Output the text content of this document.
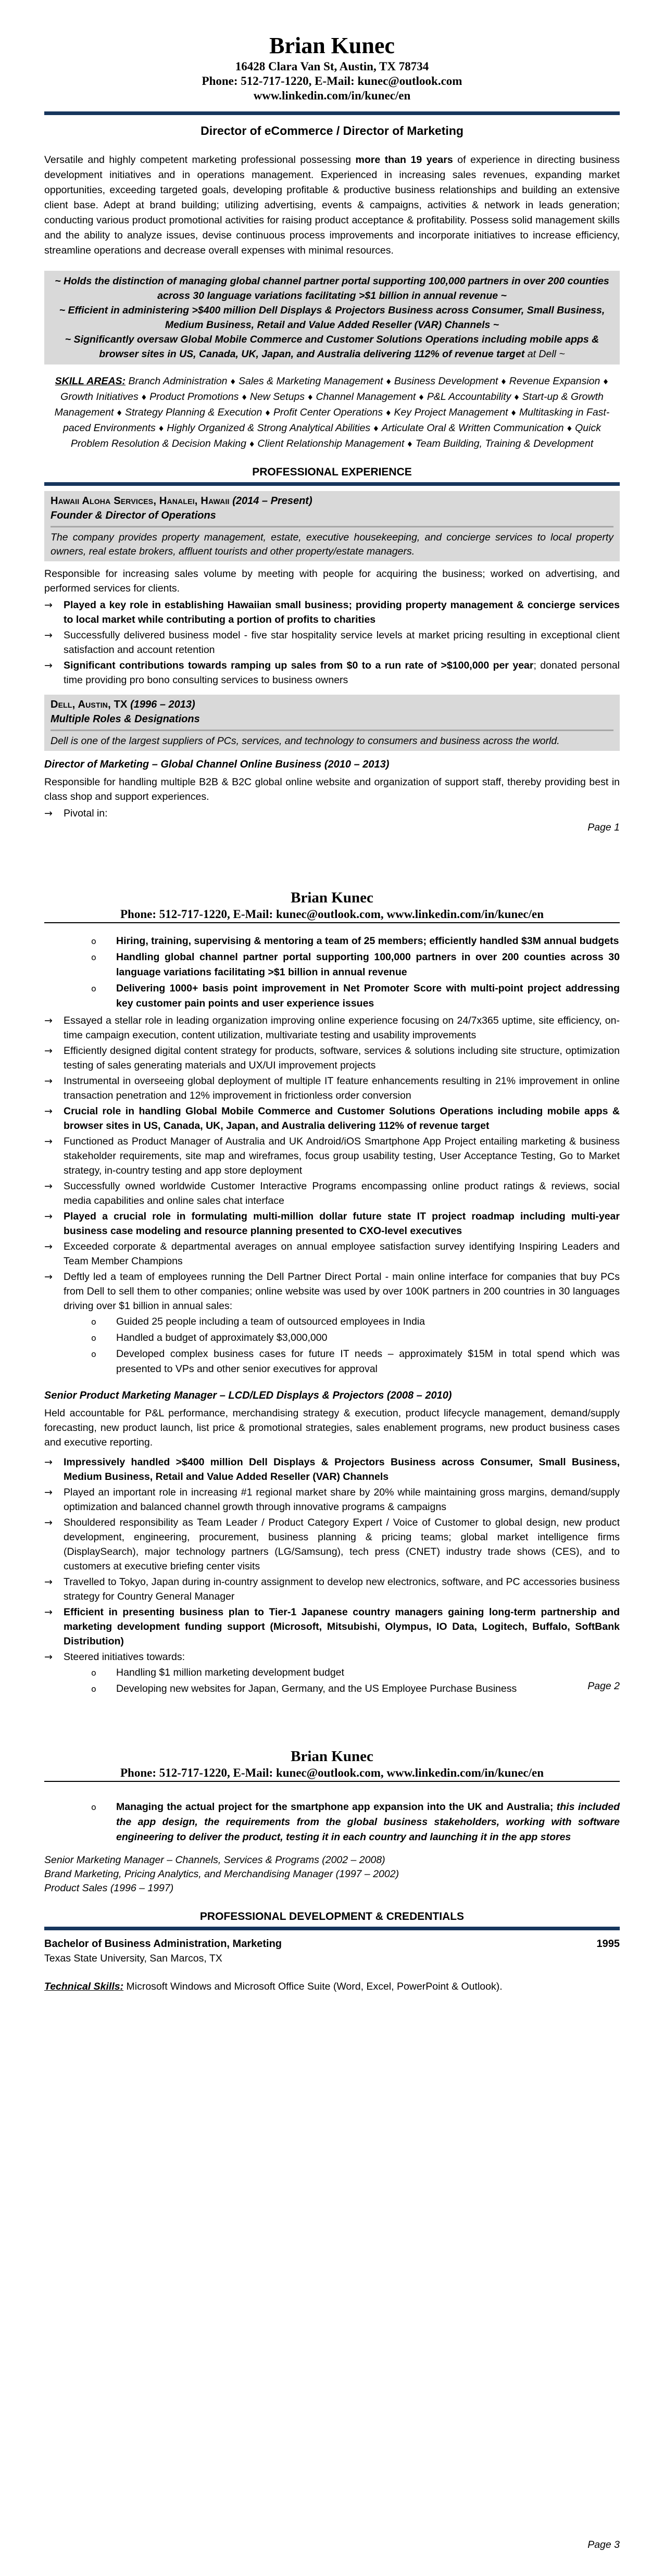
Brian Kunec
16428 Clara Van St, Austin, TX 78734
Phone: 512-717-1220, E-Mail: kunec@outlook.com
www.linkedin.com/in/kunec/en
Director of eCommerce / Director of Marketing
Versatile and highly competent marketing professional possessing more than 19 years of experience in directing business development initiatives and in operations management. Experienced in increasing sales revenues, expanding market opportunities, exceeding targeted goals, developing profitable & productive business relationships and building an extensive client base. Adept at brand building; utilizing advertising, events & campaigns, activities & network in leads generation; conducting various product promotional activities for raising product acceptance & profitability. Possess solid management skills and the ability to analyze issues, devise continuous process improvements and incorporate initiatives to increase efficiency, streamline operations and decrease overall expenses with minimal resources.
~ Holds the distinction of managing global channel partner portal supporting 100,000 partners in over 200 counties across 30 language variations facilitating >$1 billion in annual revenue ~
~ Efficient in administering >$400 million Dell Displays & Projectors Business across Consumer, Small Business, Medium Business, Retail and Value Added Reseller (VAR) Channels ~
~ Significantly oversaw Global Mobile Commerce and Customer Solutions Operations including mobile apps & browser sites in US, Canada, UK, Japan, and Australia delivering 112% of revenue target at Dell ~
SKILL AREAS: Branch Administration ♦ Sales & Marketing Management ♦ Business Development ♦ Revenue Expansion ♦ Growth Initiatives ♦ Product Promotions ♦ New Setups ♦ Channel Management ♦ P&L Accountability ♦ Start-up & Growth Management ♦ Strategy Planning & Execution ♦ Profit Center Operations ♦ Key Project Management ♦ Multitasking in Fast-paced Environments ♦ Highly Organized & Strong Analytical Abilities ♦ Articulate Oral & Written Communication ♦ Quick Problem Resolution & Decision Making ♦ Client Relationship Management ♦ Team Building, Training & Development
PROFESSIONAL EXPERIENCE
Hawaii Aloha Services, Hanalei, Hawaii (2014 – Present)
Founder & Director of Operations
The company provides property management, estate, executive housekeeping, and concierge services to local property owners, real estate brokers, affluent tourists and other property/estate managers.
Responsible for increasing sales volume by meeting with people for acquiring the business; worked on advertising, and performed services for clients.
→	Played a key role in establishing Hawaiian small business; providing property management & concierge services to local market while contributing a portion of profits to charities
→	Successfully delivered business model - five star hospitality service levels at market pricing resulting in exceptional client satisfaction and account retention
→	Significant contributions towards ramping up sales from $0 to a run rate of >$100,000 per year; donated personal time providing pro bono consulting services to business owners
Dell, Austin, TX (1996 – 2013)
Multiple Roles & Designations
Dell is one of the largest suppliers of PCs, services, and technology to consumers and business across the world.
Director of Marketing – Global Channel Online Business (2010 – 2013)
Responsible for handling multiple B2B & B2C global online website and organization of support staff, thereby providing best in class shop and support experiences.
→	Pivotal in:
Page 1
Brian Kunec
Phone: 512-717-1220, E-Mail: kunec@outlook.com, www.linkedin.com/in/kunec/en
o	Hiring, training, supervising & mentoring a team of 25 members; efficiently handled $3M annual budgets
o	Handling global channel partner portal supporting 100,000 partners in over 200 counties across 30 language variations facilitating >$1 billion in annual revenue
o	Delivering 1000+ basis point improvement in Net Promoter Score with multi-point project addressing key customer pain points and user experience issues
→	Essayed a stellar role in leading organization improving online experience focusing on 24/7x365 uptime, site efficiency, on-time campaign execution, content utilization, multivariate testing and usability improvements
→	Efficiently designed digital content strategy for products, software, services & solutions including site structure, optimization testing of sales generating materials and UX/UI improvement projects
→	Instrumental in overseeing global deployment of multiple IT feature enhancements resulting in 21% improvement in online transaction penetration and 12% improvement in frictionless order conversion
→	Crucial role in handling Global Mobile Commerce and Customer Solutions Operations including mobile apps & browser sites in US, Canada, UK, Japan, and Australia delivering 112% of revenue target
→	Functioned as Product Manager of Australia and UK Android/iOS Smartphone App Project entailing marketing & business stakeholder requirements, site map and wireframes, focus group usability testing, User Acceptance Testing, Go to Market strategy, in-country testing and app store deployment
→	Successfully owned worldwide Customer Interactive Programs encompassing online product ratings & reviews, social media capabilities and online sales chat interface
→	Played a crucial role in formulating multi-million dollar future state IT project roadmap including multi-year business case modeling and resource planning presented to CXO-level executives
→	Exceeded corporate & departmental averages on annual employee satisfaction survey identifying Inspiring Leaders and Team Member Champions
→	Deftly led a team of employees running the Dell Partner Direct Portal - main online interface for companies that buy PCs from Dell to sell them to other companies; online website was used by over 100K partners in 200 countries in 30 languages driving over $1 billion in annual sales:
o	Guided 25 people including a team of outsourced employees in India
o	Handled a budget of approximately $3,000,000
o	Developed complex business cases for future IT needs – approximately $15M in total spend which was presented to VPs and other senior executives for approval
Senior Product Marketing Manager – LCD/LED Displays & Projectors (2008 – 2010)
Held accountable for P&L performance, merchandising strategy & execution, product lifecycle management, demand/supply forecasting, new product launch, list price & promotional strategies, sales enablement programs, new product business cases and executive reporting.
→	Impressively handled >$400 million Dell Displays & Projectors Business across Consumer, Small Business, Medium Business, Retail and Value Added Reseller (VAR) Channels
→	Played an important role in increasing #1 regional market share by 20% while maintaining gross margins, demand/supply optimization and balanced channel growth through innovative programs & campaigns
→	Shouldered responsibility as Team Leader / Product Category Expert / Voice of Customer to global design, new product development, engineering, procurement, business planning & pricing teams; global market intelligence firms (DisplaySearch), major technology partners (LG/Samsung), tech press (CNET) industry trade shows (CES), and to customers at executive briefing center visits
→	Travelled to Tokyo, Japan during in-country assignment to develop new electronics, software, and PC accessories business strategy for Country General Manager
→	Efficient in presenting business plan to Tier-1 Japanese country managers gaining long-term partnership and marketing development funding support (Microsoft, Mitsubishi, Olympus, IO Data, Logitech, Buffalo, SoftBank Distribution)
→	Steered initiatives towards:
o	Handling $1 million marketing development budget
o	Developing new websites for Japan, Germany, and the US Employee Purchase Business	Page 2
Brian Kunec
Phone: 512-717-1220, E-Mail: kunec@outlook.com, www.linkedin.com/in/kunec/en
o	Managing the actual project for the smartphone app expansion into the UK and Australia; this included the app design, the requirements from the global business stakeholders, working with software engineering to deliver the product, testing it in each country and launching it in the app stores
Senior Marketing Manager – Channels, Services & Programs (2002 – 2008)
Brand Marketing, Pricing Analytics, and Merchandising Manager (1997 – 2002)
Product Sales (1996 – 1997)
PROFESSIONAL DEVELOPMENT & CREDENTIALS
Bachelor of Business Administration, Marketing	1995
Texas State University, San Marcos, TX
Technical Skills: Microsoft Windows and Microsoft Office Suite (Word, Excel, PowerPoint & Outlook).
Page 3
